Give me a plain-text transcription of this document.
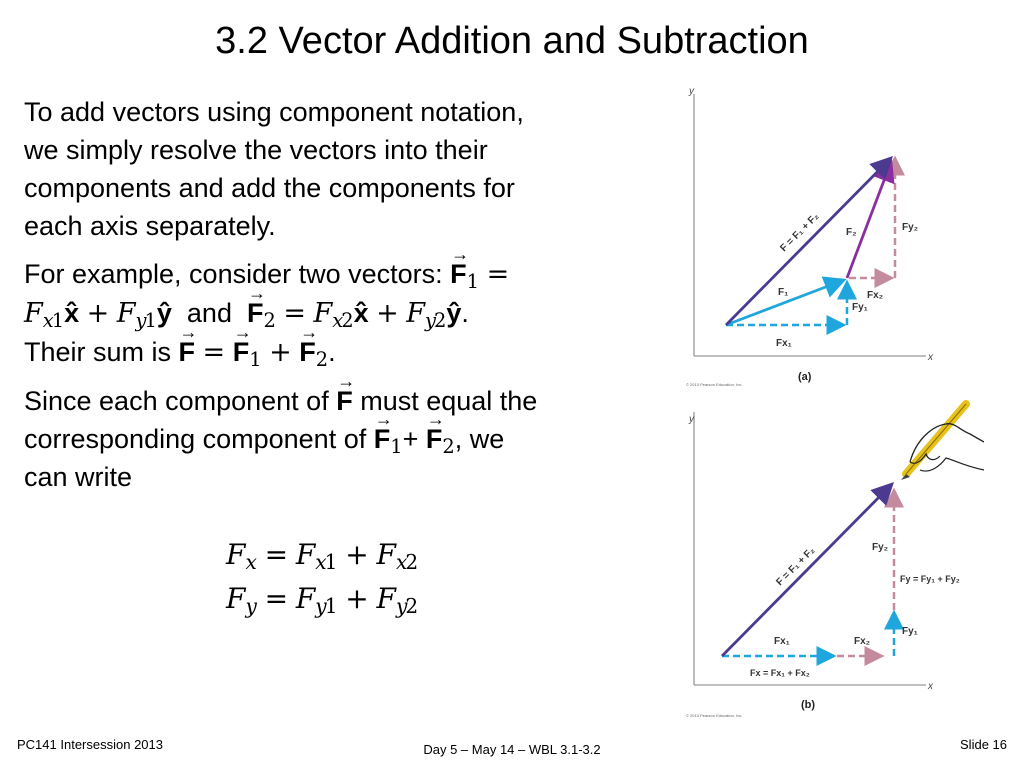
3.2 Vector Addition and Subtraction
To add vectors using component notation,
we simply resolve the vectors into their
components and add the components for
each axis separately.
For example, consider two vectors: → $F_1$ =
$F_{x1}x̂$ + $F_{y1}ŷ$ and → $F_2$ = $F_{x2}x̂$ + $F_{y2}ŷ$.
Their sum is → F = → $F_1$ + → $F_2$.
Since each component of → F must equal the
corresponding component of → $F_1+ \to F_2$, we
can write
$F_x = F_{x1} + F_{x2}$
$F_y = F_{y1} + F_{y2}$
y
x
F = F₁ + F₂
F₁
F₂	Fy₂
Fx₂
Fy₁
Fx₁
(a)
© 2013 Pearson Education, Inc.
y
x
F = F₁ + F₂	Fy₂
Fy = Fy₁ + Fy₂
Fy₁
Fx₁	Fx₂
Fx = Fx₁ + Fx₂
(b)
© 2013 Pearson Education, Inc.
PC141 Intersession 2013	Day 5 – May 14 – WBL 3.1-3.2	Slide 16
